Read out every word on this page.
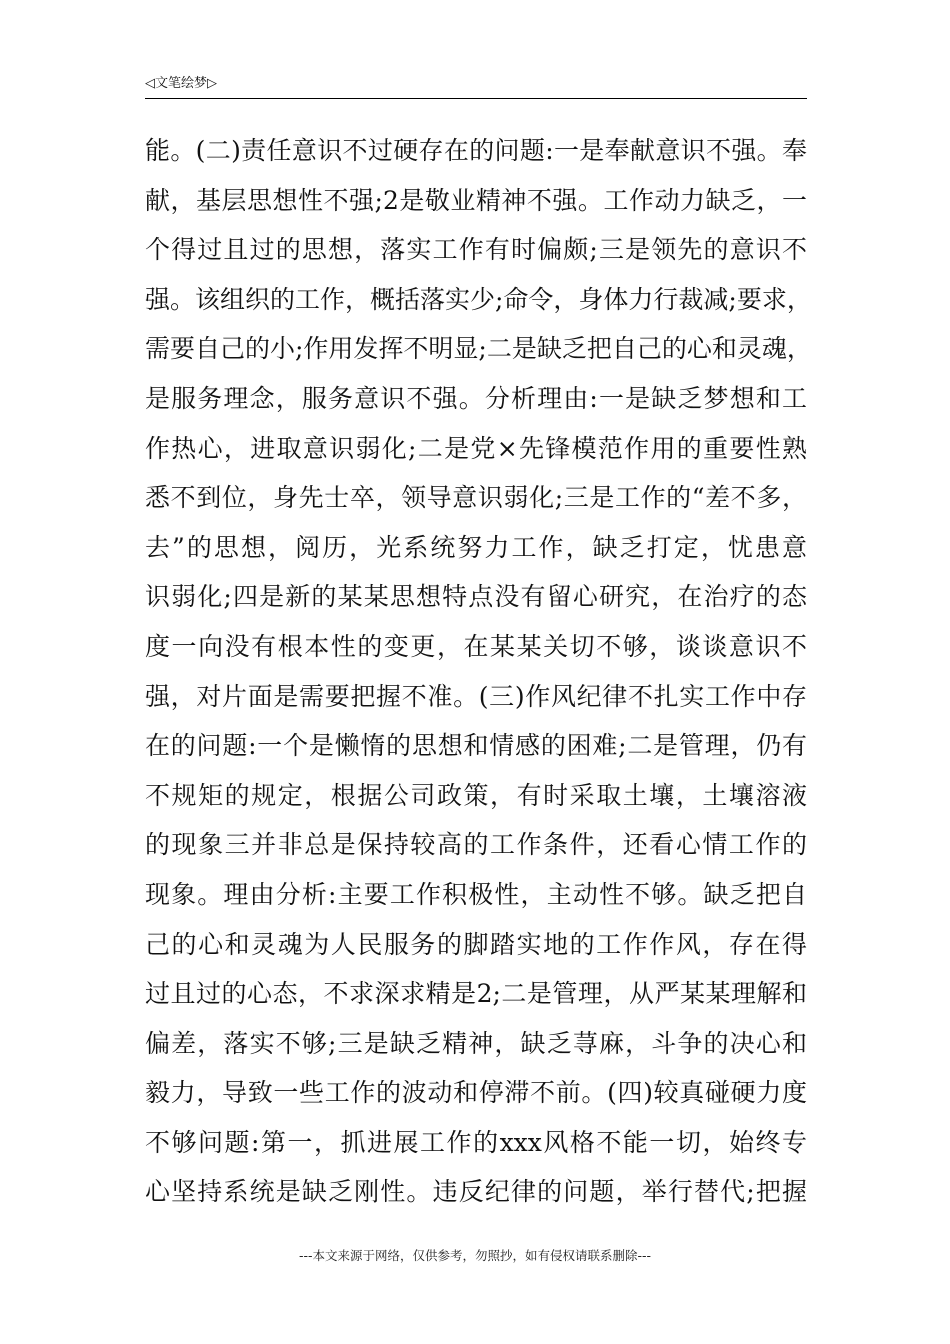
◁文笔绘梦▷
能。(二)责任意识不过硬存在的问题:一是奉献意识不强。奉
献，基层思想性不强;2是敬业精神不强。工作动力缺乏，一
个得过且过的思想，落实工作有时偏颇;三是领先的意识不
强。该组织的工作，概括落实少;命令，身体力行裁减;要求，
需要自己的小;作用发挥不明显;二是缺乏把自己的心和灵魂，
是服务理念，服务意识不强。分析理由:一是缺乏梦想和工
作热心，进取意识弱化;二是党×先锋模范作用的重要性熟
悉不到位，身先士卒，领导意识弱化;三是工作的“差不多，
去”的思想，阅历，光系统努力工作，缺乏打定，忧患意
识弱化;四是新的某某思想特点没有留心研究，在治疗的态
度一向没有根本性的变更，在某某关切不够，谈谈意识不
强，对片面是需要把握不准。(三)作风纪律不扎实工作中存
在的问题:一个是懒惰的思想和情感的困难;二是管理，仍有
不规矩的规定，根据公司政策，有时采取土壤，土壤溶液
的现象三并非总是保持较高的工作条件，还看心情工作的
现象。理由分析:主要工作积极性，主动性不够。缺乏把自
己的心和灵魂为人民服务的脚踏实地的工作作风，存在得
过且过的心态，不求深求精是2;二是管理，从严某某理解和
偏差，落实不够;三是缺乏精神，缺乏荨麻，斗争的决心和
毅力，导致一些工作的波动和停滞不前。(四)较真碰硬力度
不够问题:第一，抓进展工作的xxx风格不能一切，始终专
心坚持系统是缺乏刚性。违反纪律的问题，举行替代;把握
---本文来源于网络，仅供参考，勿照抄，如有侵权请联系删除---
